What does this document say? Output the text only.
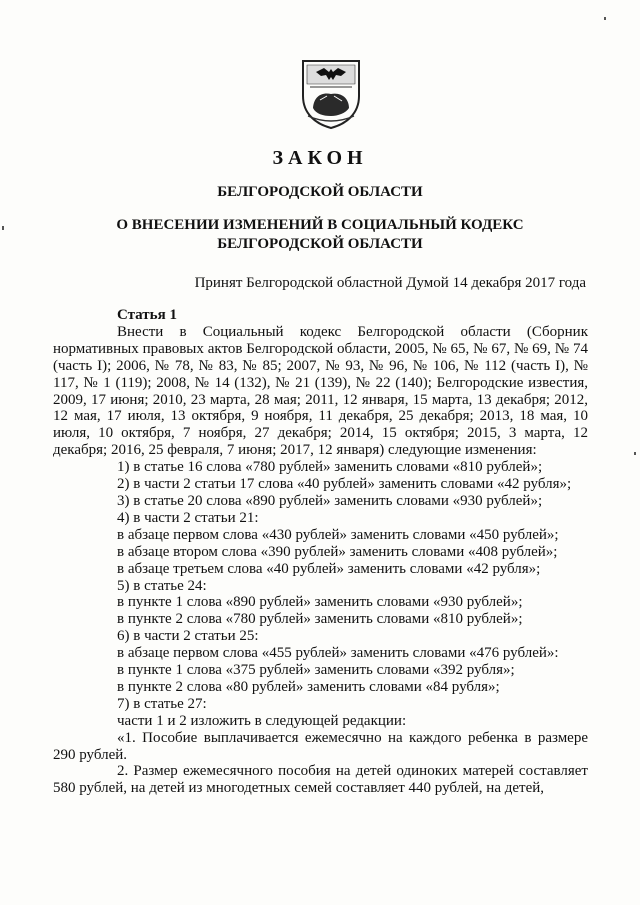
ЗАКОН
БЕЛГОРОДСКОЙ ОБЛАСТИ
О ВНЕСЕНИИ ИЗМЕНЕНИЙ В СОЦИАЛЬНЫЙ КОДЕКС
БЕЛГОРОДСКОЙ ОБЛАСТИ
Принят Белгородской областной Думой 14 декабря 2017 года
Статья 1

Внести в Социальный кодекс Белгородской области (Сборник нормативных правовых актов Белгородской области, 2005, № 65, № 67, № 69, № 74 (часть I); 2006, № 78, № 83, № 85; 2007, № 93, № 96, № 106, № 112 (часть I), № 117, № 1 (119); 2008, № 14 (132), № 21 (139), № 22 (140); Белгородские известия, 2009, 17 июня; 2010, 23 марта, 28 мая; 2011, 12 января, 15 марта, 13 декабря; 2012, 12 мая, 17 июля, 13 октября, 9 ноября, 11 декабря, 25 декабря; 2013, 18 мая, 10 июля, 10 октября, 7 ноября, 27 декабря; 2014, 15 октября; 2015, 3 марта, 12 декабря; 2016, 25 февраля, 7 июня; 2017, 12 января) следующие изменения:

1) в статье 16 слова «780 рублей» заменить словами «810 рублей»;

2) в части 2 статьи 17 слова «40 рублей» заменить словами «42 рубля»;

3) в статье 20 слова «890 рублей» заменить словами «930 рублей»;

4) в части 2 статьи 21:

в абзаце первом слова «430 рублей» заменить словами «450 рублей»;

в абзаце втором слова «390 рублей» заменить словами «408 рублей»;

в абзаце третьем слова «40 рублей» заменить словами «42 рубля»;

5) в статье 24:

в пункте 1 слова «890 рублей» заменить словами «930 рублей»;

в пункте 2 слова «780 рублей» заменить словами «810 рублей»;

6) в части 2 статьи 25:

в абзаце первом слова «455 рублей» заменить словами «476 рублей»:

в пункте 1 слова «375 рублей» заменить словами «392 рубля»;

в пункте 2 слова «80 рублей» заменить словами «84 рубля»;

7) в статье 27:

части 1 и 2 изложить в следующей редакции:

«1. Пособие выплачивается ежемесячно на каждого ребенка в размере 290 рублей.

2. Размер ежемесячного пособия на детей одиноких матерей составляет 580 рублей, на детей из многодетных семей составляет 440 рублей, на детей,
